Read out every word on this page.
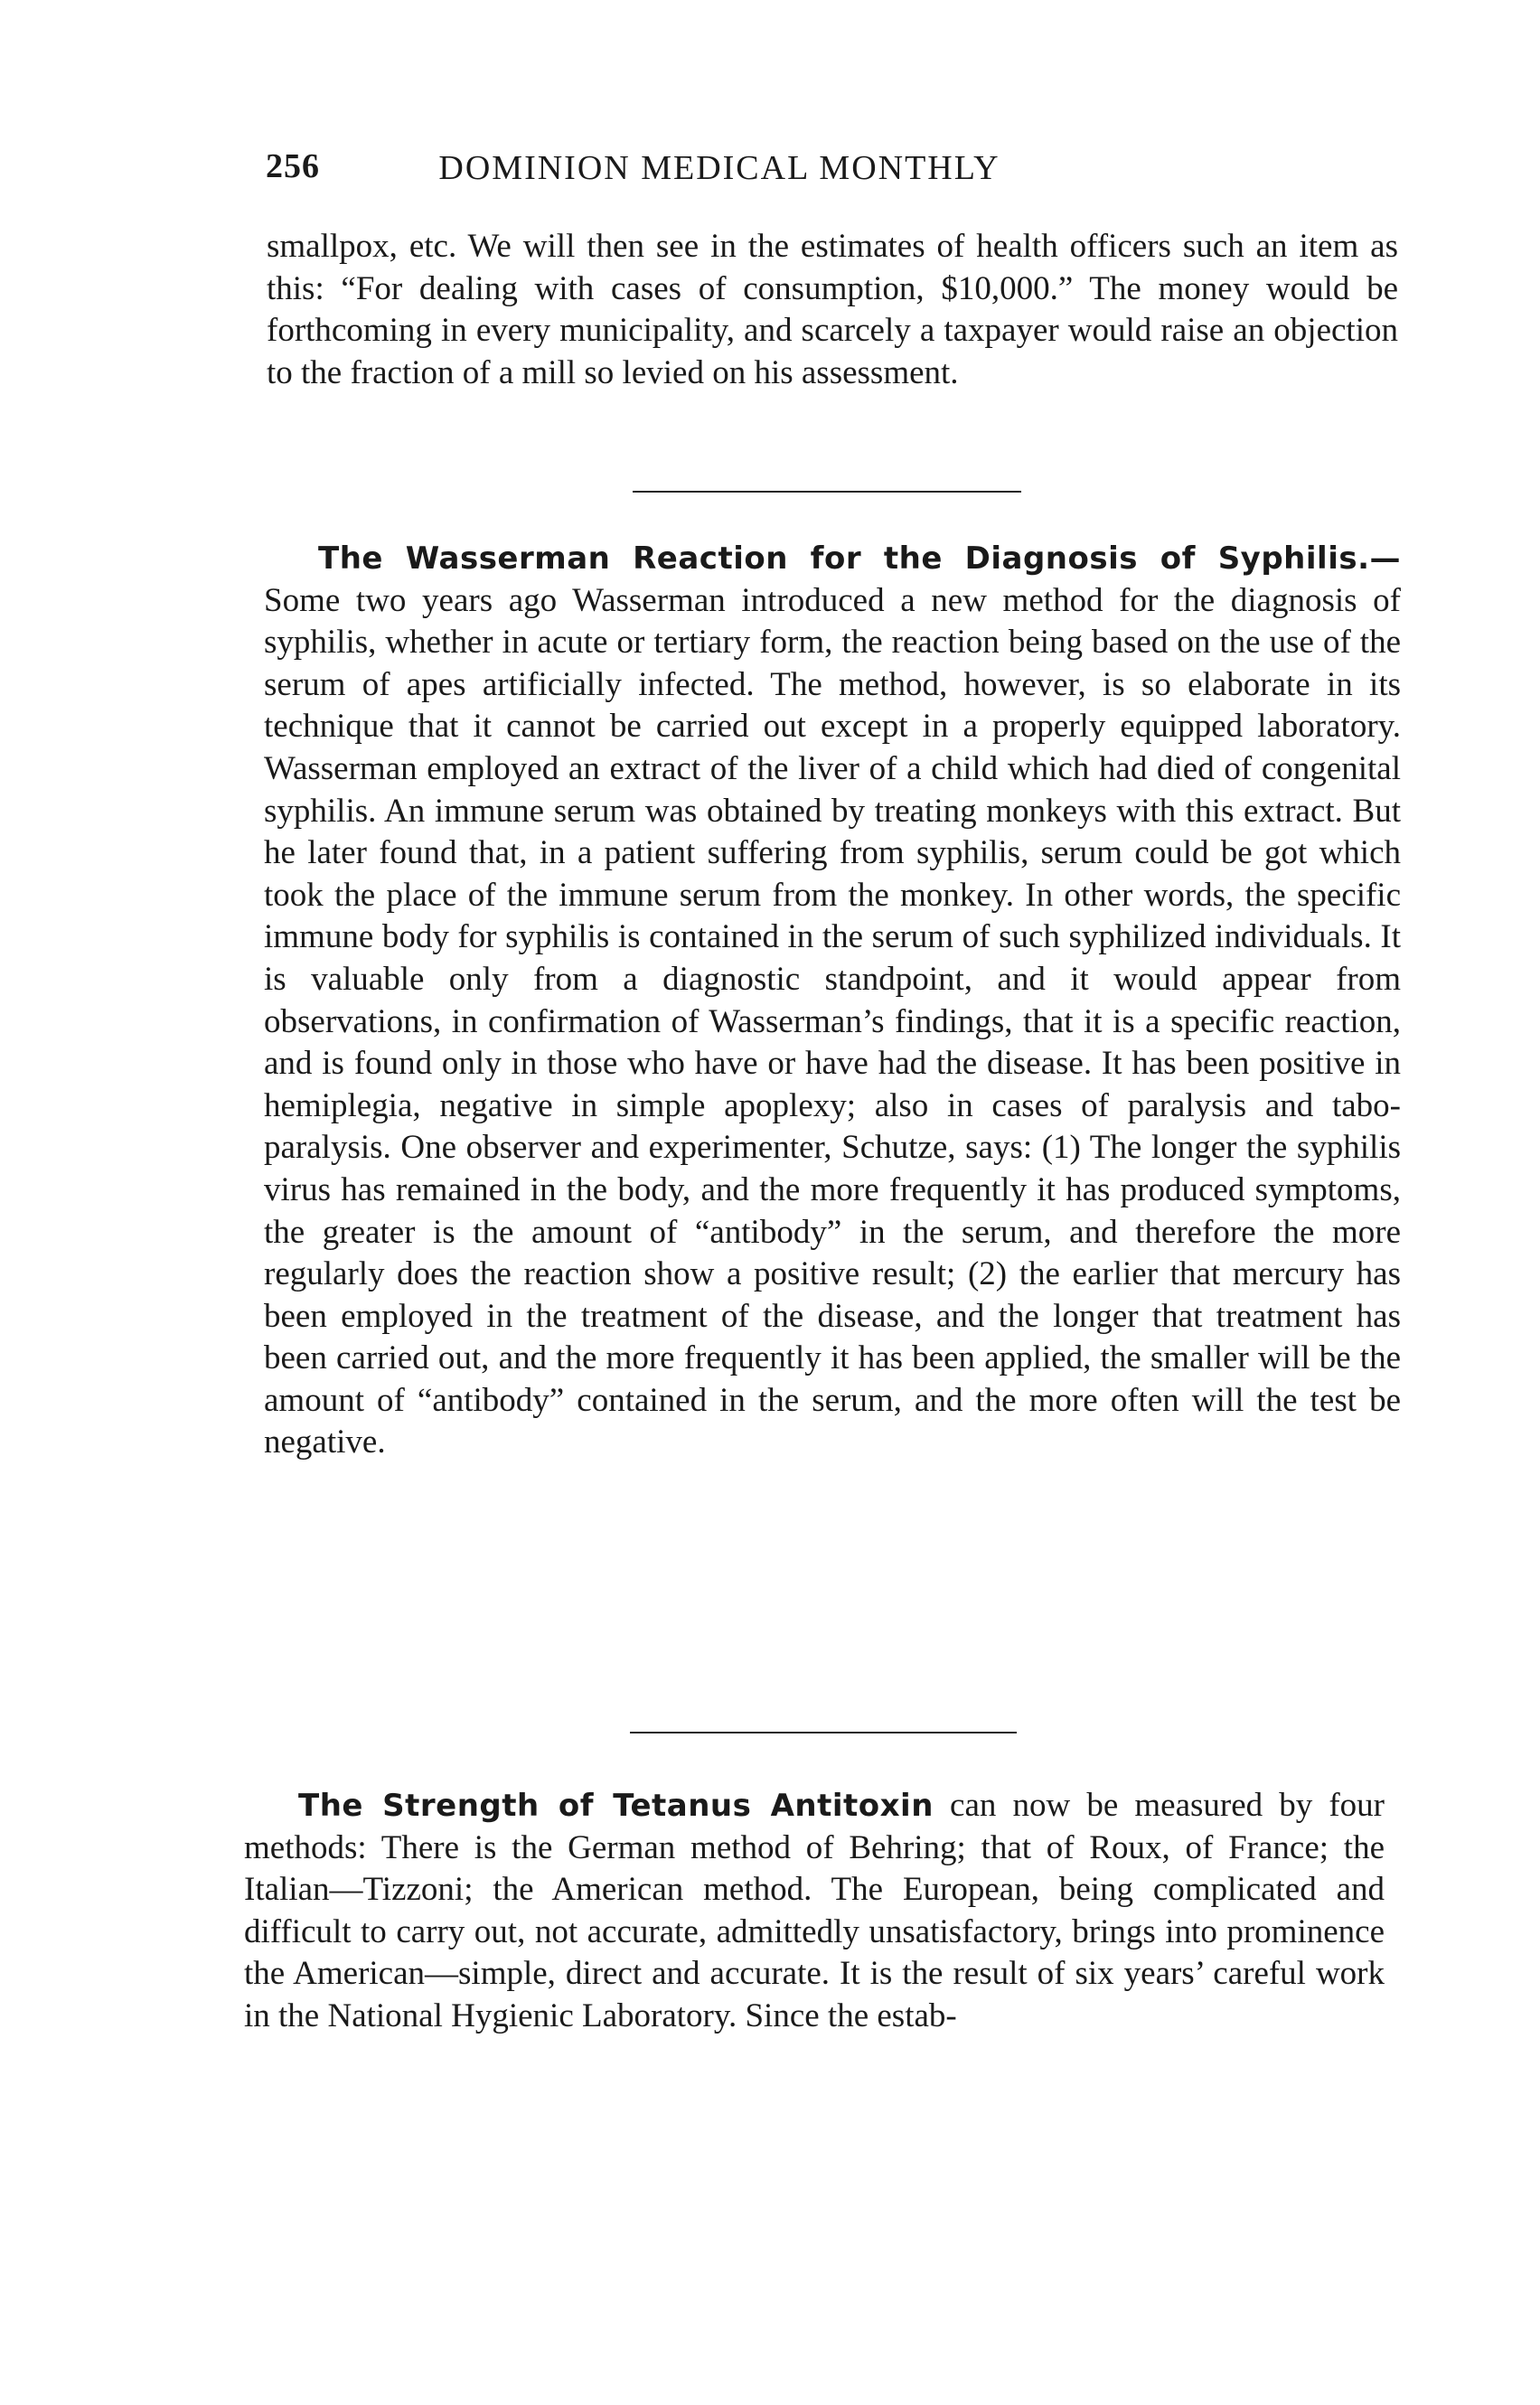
256	DOMINION MEDICAL MONTHLY
smallpox, etc. We will then see in the estimates of health officers such an item as this: “For dealing with cases of consumption, $10,000.” The money would be forthcoming in every municipality, and scarcely a taxpayer would raise an objection to the fraction of a mill so levied on his assessment.
The Wasserman Reaction for the Diagnosis of Syphilis.— Some two years ago Wasserman introduced a new method for the diagnosis of syphilis, whether in acute or tertiary form, the reaction being based on the use of the serum of apes artificially infected. The method, however, is so elaborate in its technique that it cannot be carried out except in a properly equipped laboratory. Wasserman employed an extract of the liver of a child which had died of congenital syphilis. An immune serum was obtained by treating monkeys with this extract. But he later found that, in a patient suffering from syphilis, serum could be got which took the place of the immune serum from the monkey. In other words, the specific immune body for syphilis is contained in the serum of such syphilized individuals. It is valuable only from a diagnostic standpoint, and it would appear from observations, in confirmation of Wasserman’s findings, that it is a specific reaction, and is found only in those who have or have had the disease. It has been positive in hemiplegia, negative in simple apoplexy; also in cases of paralysis and tabo-paralysis. One observer and experimenter, Schutze, says: (1) The longer the syphilis virus has remained in the body, and the more frequently it has produced symptoms, the greater is the amount of “antibody” in the serum, and therefore the more regularly does the reaction show a positive result; (2) the earlier that mercury has been employed in the treatment of the disease, and the longer that treatment has been carried out, and the more frequently it has been applied, the smaller will be the amount of “antibody” contained in the serum, and the more often will the test be negative.
The Strength of Tetanus Antitoxin can now be measured by four methods: There is the German method of Behring; that of Roux, of France; the Italian—Tizzoni; the American method. The European, being complicated and difficult to carry out, not accurate, admittedly unsatisfactory, brings into prominence the American—simple, direct and accurate. It is the result of six years’ careful work in the National Hygienic Laboratory. Since the estab-
